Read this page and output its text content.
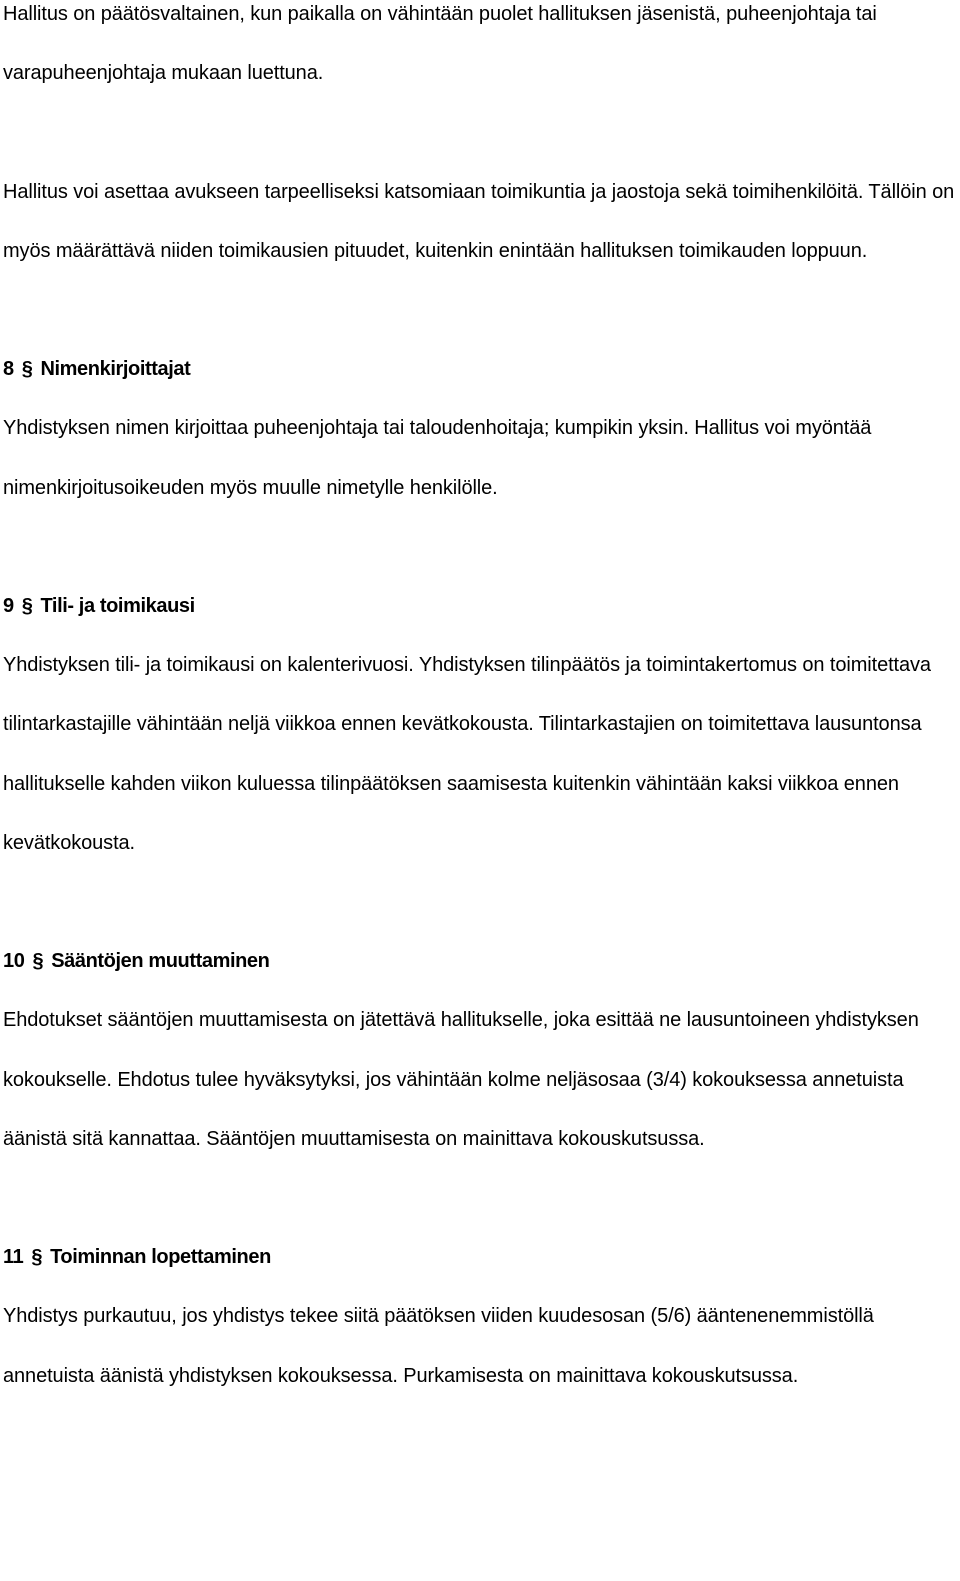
Hallitus on päätösvaltainen, kun paikalla on vähintään puolet hallituksen jäsenistä, puheenjohtaja tai varapuheenjohtaja mukaan luettuna.

Hallitus voi asettaa avukseen tarpeelliseksi katsomiaan toimikuntia ja jaostoja sekä toimihenkilöitä. Tällöin on myös määrättävä niiden toimikausien pituudet, kuitenkin enintään hallituksen toimikauden loppuun.

8 § Nimenkirjoittajat

Yhdistyksen nimen kirjoittaa puheenjohtaja tai taloudenhoitaja; kumpikin yksin. Hallitus voi myöntää nimenkirjoitusoikeuden myös muulle nimetylle henkilölle.

9 § Tili- ja toimikausi

Yhdistyksen tili- ja toimikausi on kalenterivuosi. Yhdistyksen tilinpäätös ja toimintakertomus on toimitettava tilintarkastajille vähintään neljä viikkoa ennen kevätkokousta. Tilintarkastajien on toimitettava lausuntonsa hallitukselle kahden viikon kuluessa tilinpäätöksen saamisesta kuitenkin vähintään kaksi viikkoa ennen kevätkokousta.

10 § Sääntöjen muuttaminen

Ehdotukset sääntöjen muuttamisesta on jätettävä hallitukselle, joka esittää ne lausuntoineen yhdistyksen kokoukselle. Ehdotus tulee hyväksytyksi, jos vähintään kolme neljäsosaa (3/4) kokouksessa annetuista äänistä sitä kannattaa. Sääntöjen muuttamisesta on mainittava kokouskutsussa.

11 § Toiminnan lopettaminen

Yhdistys purkautuu, jos yhdistys tekee siitä päätöksen viiden kuudesosan (5/6) ääntenenemmistöllä annetuista äänistä yhdistyksen kokouksessa. Purkamisesta on mainittava kokouskutsussa.
